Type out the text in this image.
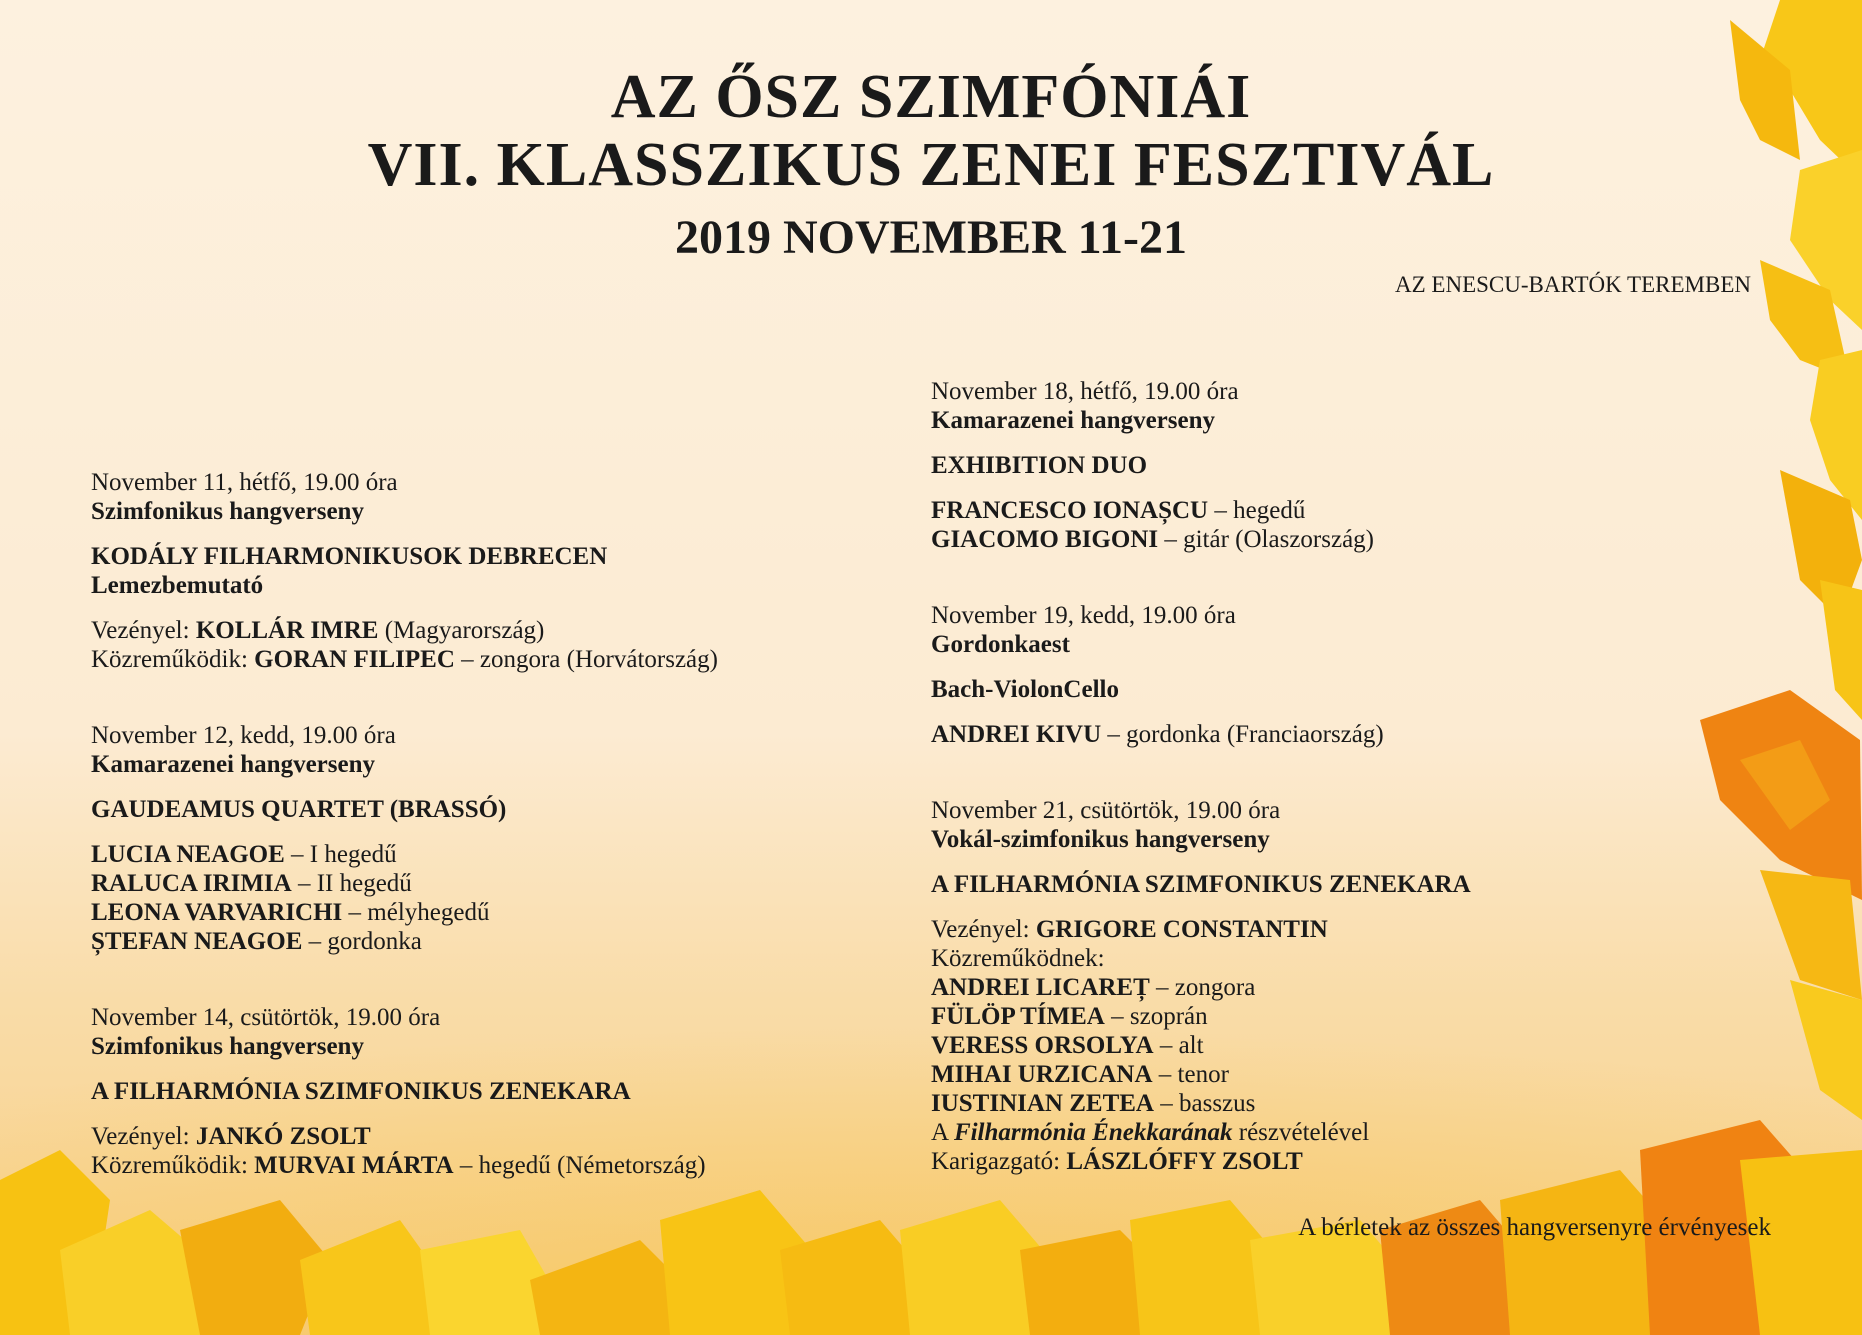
AZ ŐSZ SZIMFÓNIÁI
VII. KLASSZIKUS ZENEI FESZTIVÁL
2019 NOVEMBER 11-21
AZ ENESCU-BARTÓK TEREMBEN
November 11, hétfő, 19.00 óra
Szimfonikus hangverseny
KODÁLY FILHARMONIKUSOK DEBRECEN
Lemezbemutató
Vezényel: KOLLÁR IMRE (Magyarország)
Közreműködik: GORAN FILIPEC – zongora (Horvátország)
November 12, kedd, 19.00 óra
Kamarazenei hangverseny
GAUDEAMUS QUARTET (BRASSÓ)
LUCIA NEAGOE – I hegedű
RALUCA IRIMIA – II hegedű
LEONA VARVARICHI – mélyhegedű
ȘTEFAN NEAGOE – gordonka
November 14, csütörtök, 19.00 óra
Szimfonikus hangverseny
A FILHARMÓNIA SZIMFONIKUS ZENEKARA
Vezényel: JANKÓ ZSOLT
Közreműködik: MURVAI MÁRTA – hegedű (Németország)
November 18, hétfő, 19.00 óra
Kamarazenei hangverseny
EXHIBITION DUO
FRANCESCO IONAȘCU – hegedű
GIACOMO BIGONI – gitár (Olaszország)
November 19, kedd, 19.00 óra
Gordonkaest
Bach-ViolonCello
ANDREI KIVU – gordonka (Franciaország)
November 21, csütörtök, 19.00 óra
Vokál-szimfonikus hangverseny
A FILHARMÓNIA SZIMFONIKUS ZENEKARA
Vezényel: GRIGORE CONSTANTIN
Közreműködnek:
ANDREI LICAREȚ – zongora
FÜLÖP TÍMEA – szoprán
VERESS ORSOLYA – alt
MIHAI URZICANA – tenor
IUSTINIAN ZETEA – basszus
A Filharmónia Énekkarának részvételével
Karigazgató: LÁSZLÓFFY ZSOLT
A bérletek az összes hangversenyre érvényesek
